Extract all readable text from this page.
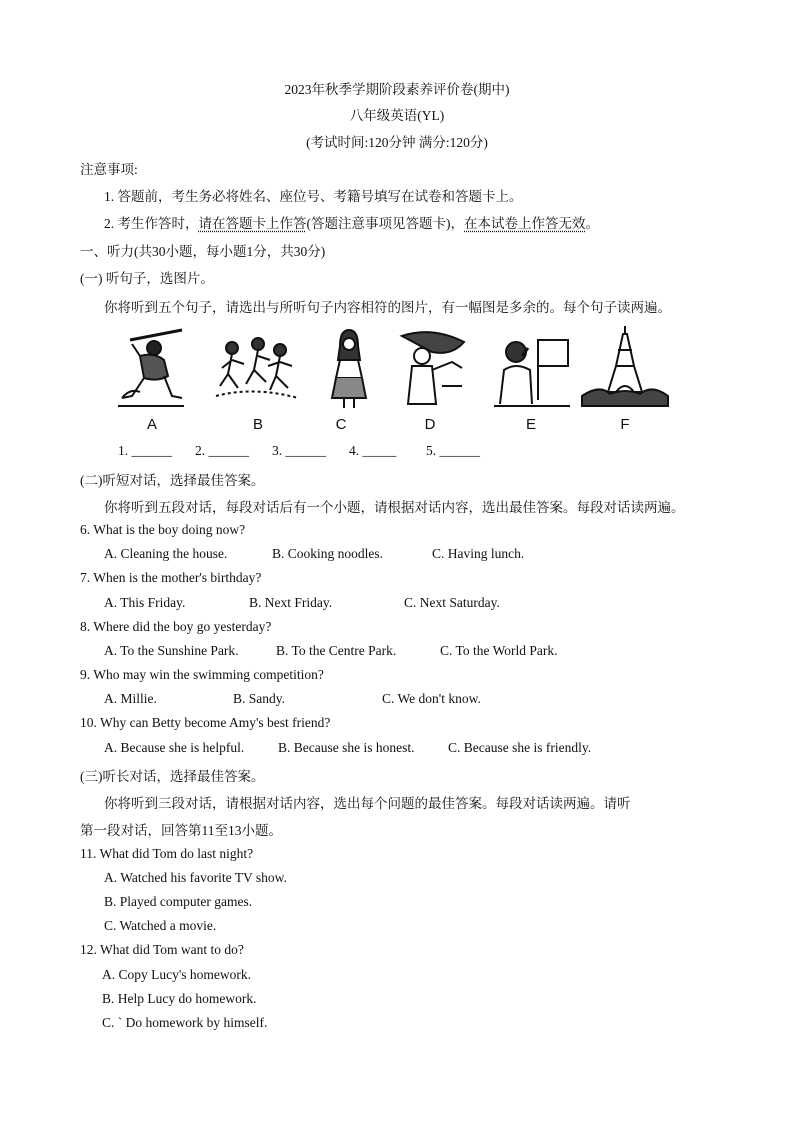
2023年秋季学期阶段素养评价卷(期中)
八年级英语(YL)
(考试时间:120分钟 满分:120分)
注意事项:
1. 答题前，考生务必将姓名、座位号、考籍号填写在试卷和答题卡上。
2. 考生作答时，请在答题卡上作答(答题注意事项见答题卡)，在本试卷上作答无效。
一、听力(共30小题，每小题1分，共30分)
(一) 听句子，选图片。
你将听到五个句子，请选出与所听句子内容相符的图片，有一幅图是多余的。每个句子读两遍。
A	B	C	D	E	F
1. ______ 2. ______ 3. ______ 4. _____ 5. ______
(二)听短对话，选择最佳答案。
你将听到五段对话，每段对话后有一个小题，请根据对话内容，选出最佳答案。每段对话读两遍。
6. What is the boy doing now?
A. Cleaning the house.	B. Cooking noodles.	C. Having lunch.
7. When is the mother's birthday?
A. This Friday.	B. Next Friday.	C. Next Saturday.
8. Where did the boy go yesterday?
A. To the Sunshine Park.	B. To the Centre Park.	C. To the World Park.
9. Who may win the swimming competition?
A. Millie.	B. Sandy.	C. We don't know.
10. Why can Betty become Amy's best friend?
A. Because she is helpful.	B. Because she is honest. C. Because she is friendly.
(三)听长对话，选择最佳答案。
你将听到三段对话，请根据对话内容，选出每个问题的最佳答案。每段对话读两遍。请听
第一段对话，回答第11至13小题。
11. What did Tom do last night?
A. Watched his favorite TV show.
B. Played computer games.
C. Watched a movie.
12. What did Tom want to do?
A. Copy Lucy's homework.
B. Help Lucy do homework.
C. ` Do homework by himself.
